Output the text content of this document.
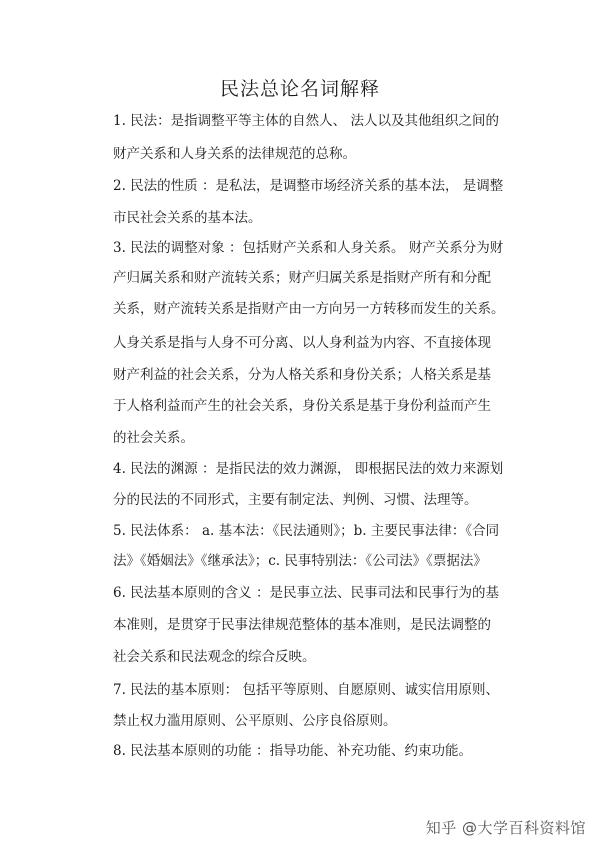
民法总论名词解释

1. 民法：是指调整平等主体的自然人、 法人以及其他组织之间的

财产关系和人身关系的法律规范的总称。

2. 民法的性质 ：是私法，是调整市场经济关系的基本法， 是调整

市民社会关系的基本法。

3. 民法的调整对象 ：包括财产关系和人身关系。 财产关系分为财

产归属关系和财产流转关系；财产归属关系是指财产所有和分配

关系，财产流转关系是指财产由一方向另一方转移而发生的关系。

人身关系是指与人身不可分离、以人身利益为内容、不直接体现

财产利益的社会关系，分为人格关系和身份关系；人格关系是基

于人格利益而产生的社会关系，身份关系是基于身份利益而产生

的社会关系。

4. 民法的渊源 ：是指民法的效力渊源， 即根据民法的效力来源划

分的民法的不同形式，主要有制定法、判例、习惯、法理等。

5. 民法体系： a. 基本法：《民法通则》；b. 主要民事法律：《合同

法》《婚姻法》《继承法》；c. 民事特别法：《公司法》《票据法》

6. 民法基本原则的含义 ：是民事立法、民事司法和民事行为的基

本准则，是贯穿于民事法律规范整体的基本准则，是民法调整的

社会关系和民法观念的综合反映。

7. 民法的基本原则： 包括平等原则、自愿原则、诚实信用原则、

禁止权力滥用原则、公平原则、公序良俗原则。

8. 民法基本原则的功能 ：指导功能、补充功能、约束功能。

知乎 @大学百科资料馆
